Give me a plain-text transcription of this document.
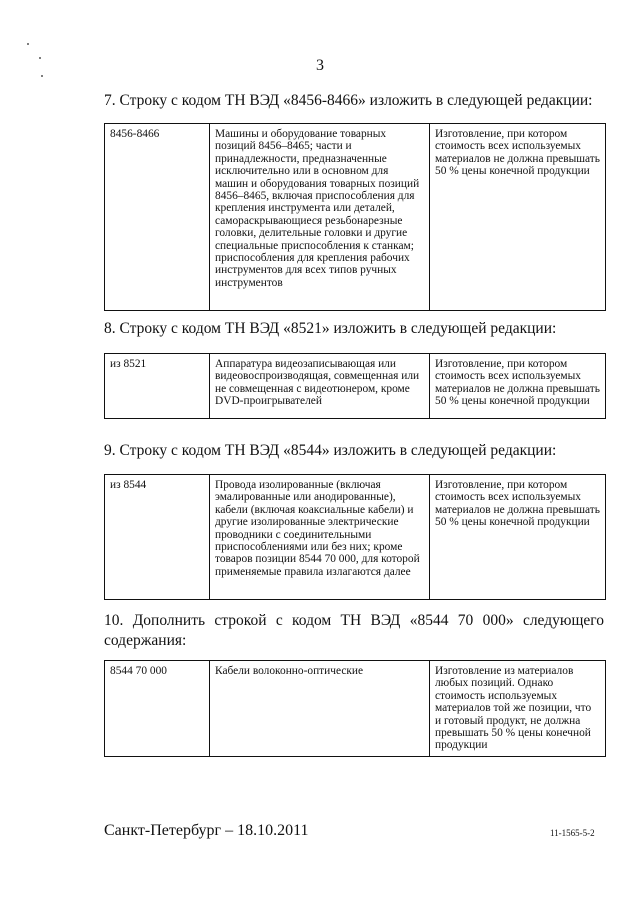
3
7. Строку с кодом ТН ВЭД «8456-8466» изложить в следующей редакции:
8456-8466	Машины и оборудование товарных позиций 8456–8465; части и принадлежности, предназначенные исключительно или в основном для машин и оборудования товарных позиций 8456–8465, включая приспособления для крепления инструмента или деталей, самораскрывающиеся резьбонарезные головки, делительные головки и другие специальные приспособления к станкам; приспособления для крепления рабочих инструментов для всех типов ручных инструментов	Изготовление, при котором стоимость всех используемых материалов не должна превышать 50 % цены конечной продукции
8. Строку с кодом ТН ВЭД «8521» изложить в следующей редакции:
из 8521	Аппаратура видеозаписывающая или видеовоспроизводящая, совмещенная или не совмещенная с видеотюнером, кроме DVD-проигрывателей	Изготовление, при котором стоимость всех используемых материалов не должна превышать 50 % цены конечной продукции
9. Строку с кодом ТН ВЭД «8544» изложить в следующей редакции:
из 8544	Провода изолированные (включая эмалированные или анодированные), кабели (включая коаксиальные кабели) и другие изолированные электрические проводники с соединительными приспособлениями или без них; кроме товаров позиции 8544 70 000, для которой применяемые правила излагаются далее	Изготовление, при котором стоимость всех используемых материалов не должна превышать 50 % цены конечной продукции
10. Дополнить строкой с кодом ТН ВЭД «8544 70 000» следующего содержания:
8544 70 000	Кабели волоконно-оптические	Изготовление из материалов любых позиций. Однако стоимость используемых материалов той же позиции, что и готовый продукт, не должна превышать 50 % цены конечной продукции
Санкт-Петербург – 18.10.2011	11-1565-5-2
